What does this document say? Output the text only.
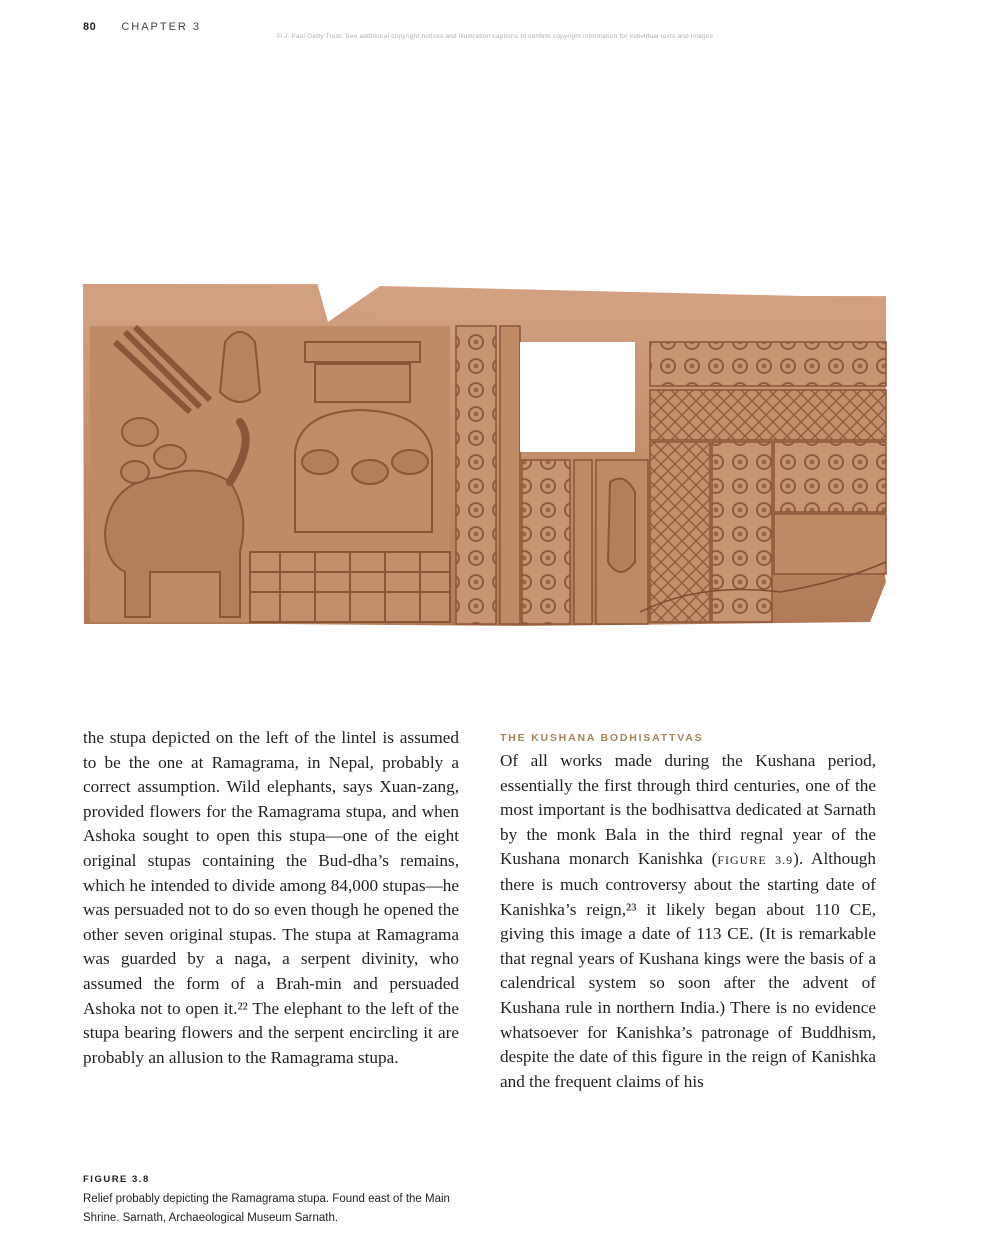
80 CHAPTER 3
© J. Paul Getty Trust: See additional copyright notices and illustration captions to confirm copyright information for individual texts and images

the stupa depicted on the left of the lintel is assumed to be the one at Ramagrama, in Nepal, probably a correct assumption. Wild elephants, says Xuan-zang, provided flowers for the Ramagrama stupa, and when Ashoka sought to open this stupa—one of the eight original stupas containing the Bud-dha’s remains, which he intended to divide among 84,000 stupas—he was persuaded not to do so even though he opened the other seven original stupas. The stupa at Ramagrama was guarded by a naga, a serpent divinity, who assumed the form of a Brah-min and persuaded Ashoka not to open it.²² The elephant to the left of the stupa bearing flowers and the serpent encircling it are probably an allusion to the Ramagrama stupa.

THE KUSHANA BODHISATTVAS

Of all works made during the Kushana period, essentially the first through third centuries, one of the most important is the bodhisattva dedicated at Sarnath by the monk Bala in the third regnal year of the Kushana monarch Kanishka (FIGURE 3.9). Although there is much controversy about the starting date of Kanishka’s reign,²³ it likely began about 110 CE, giving this image a date of 113 CE. (It is remarkable that regnal years of Kushana kings were the basis of a calendrical system so soon after the advent of Kushana rule in northern India.) There is no evidence whatsoever for Kanishka’s patronage of Buddhism, despite the date of this figure in the reign of Kanishka and the frequent claims of his

FIGURE 3.8
Relief probably depicting the Ramagrama stupa. Found east of the Main Shrine. Sarnath, Archaeological Museum Sarnath.
